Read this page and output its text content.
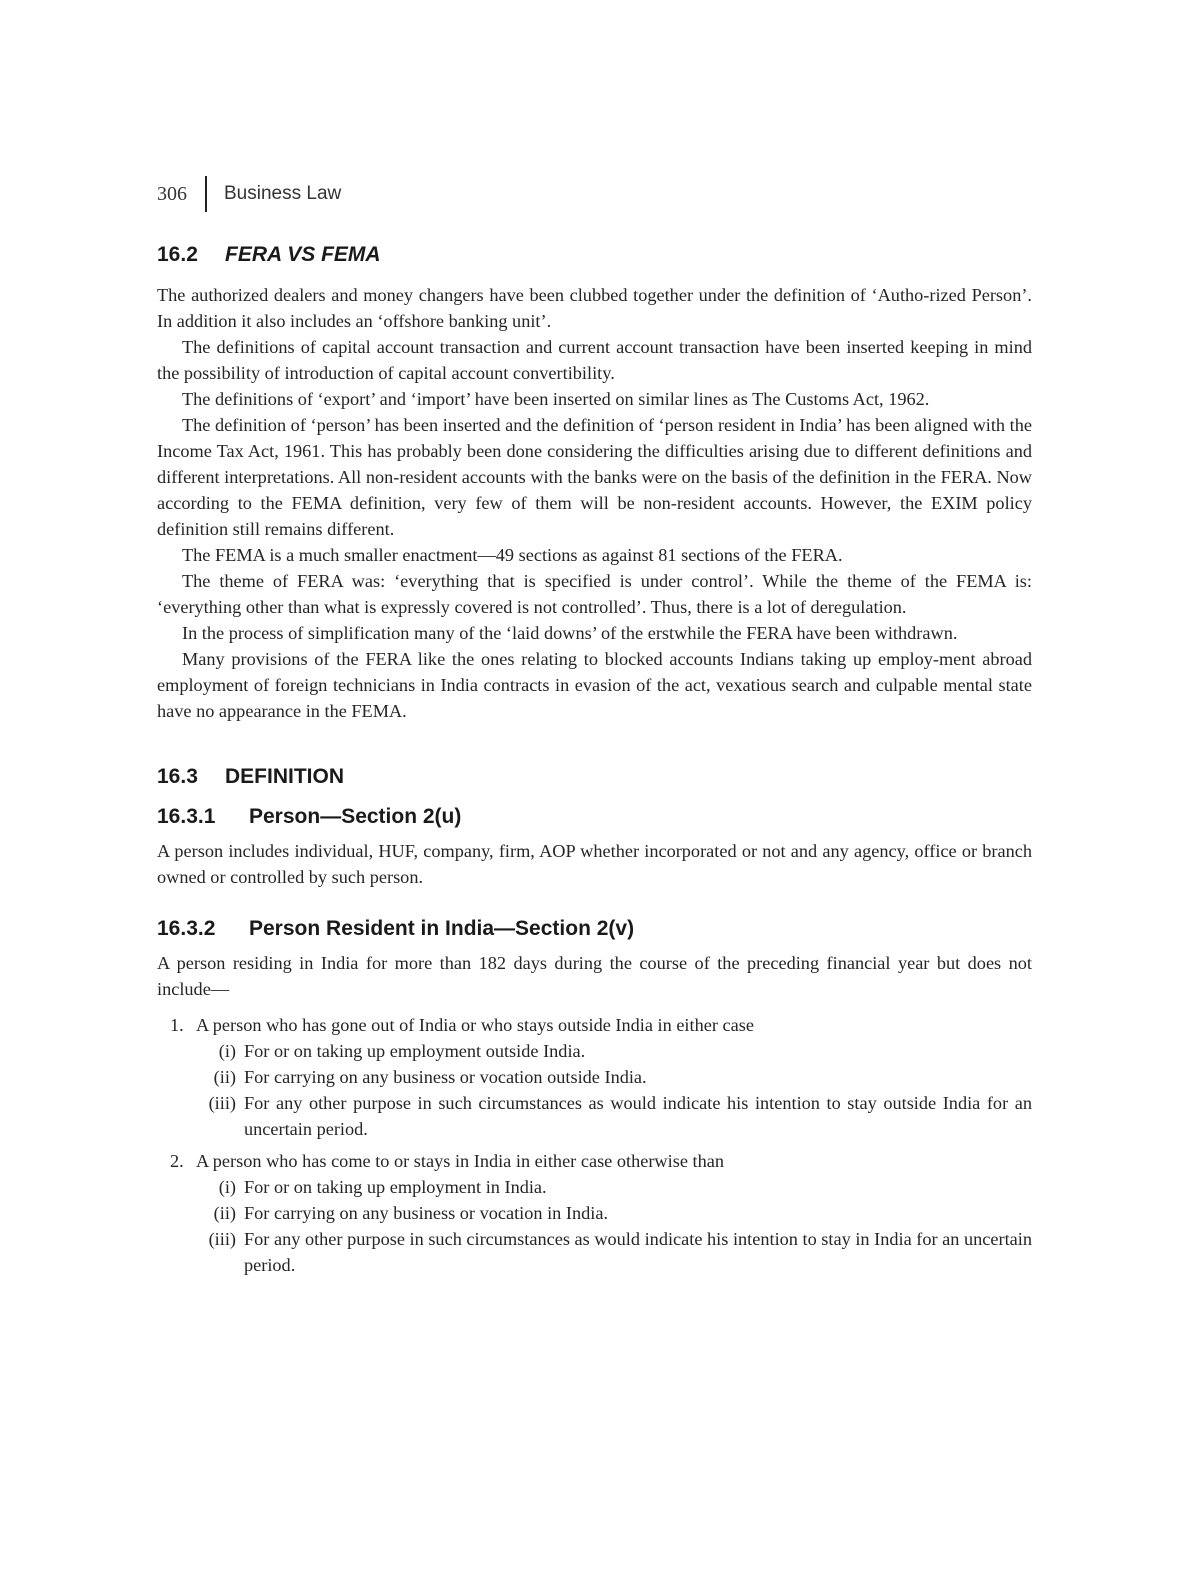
306 Business Law
16.2 FERA VS FEMA

The authorized dealers and money changers have been clubbed together under the definition of ‘Autho-rized Person’. In addition it also includes an ‘offshore banking unit’.

The definitions of capital account transaction and current account transaction have been inserted keeping in mind the possibility of introduction of capital account convertibility.

The definitions of ‘export’ and ‘import’ have been inserted on similar lines as The Customs Act, 1962.

The definition of ‘person’ has been inserted and the definition of ‘person resident in India’ has been aligned with the Income Tax Act, 1961. This has probably been done considering the difficulties arising due to different definitions and different interpretations. All non-resident accounts with the banks were on the basis of the definition in the FERA. Now according to the FEMA definition, very few of them will be non-resident accounts. However, the EXIM policy definition still remains different.

The FEMA is a much smaller enactment—49 sections as against 81 sections of the FERA.

The theme of FERA was: ‘everything that is specified is under control’. While the theme of the FEMA is: ‘everything other than what is expressly covered is not controlled’. Thus, there is a lot of deregulation.

In the process of simplification many of the ‘laid downs’ of the erstwhile the FERA have been withdrawn.

Many provisions of the FERA like the ones relating to blocked accounts Indians taking up employ-ment abroad employment of foreign technicians in India contracts in evasion of the act, vexatious search and culpable mental state have no appearance in the FEMA.

16.3 DEFINITION
16.3.1 Person—Section 2(u)

A person includes individual, HUF, company, firm, AOP whether incorporated or not and any agency, office or branch owned or controlled by such person.

16.3.2 Person Resident in India—Section 2(v)

A person residing in India for more than 182 days during the course of the preceding financial year but does not include—

1. A person who has gone out of India or who stays outside India in either case
(i) For or on taking up employment outside India.
(ii) For carrying on any business or vocation outside India.
(iii) For any other purpose in such circumstances as would indicate his intention to stay outside India for an uncertain period.
2. A person who has come to or stays in India in either case otherwise than
(i) For or on taking up employment in India.
(ii) For carrying on any business or vocation in India.
(iii) For any other purpose in such circumstances as would indicate his intention to stay in India for an uncertain period.
